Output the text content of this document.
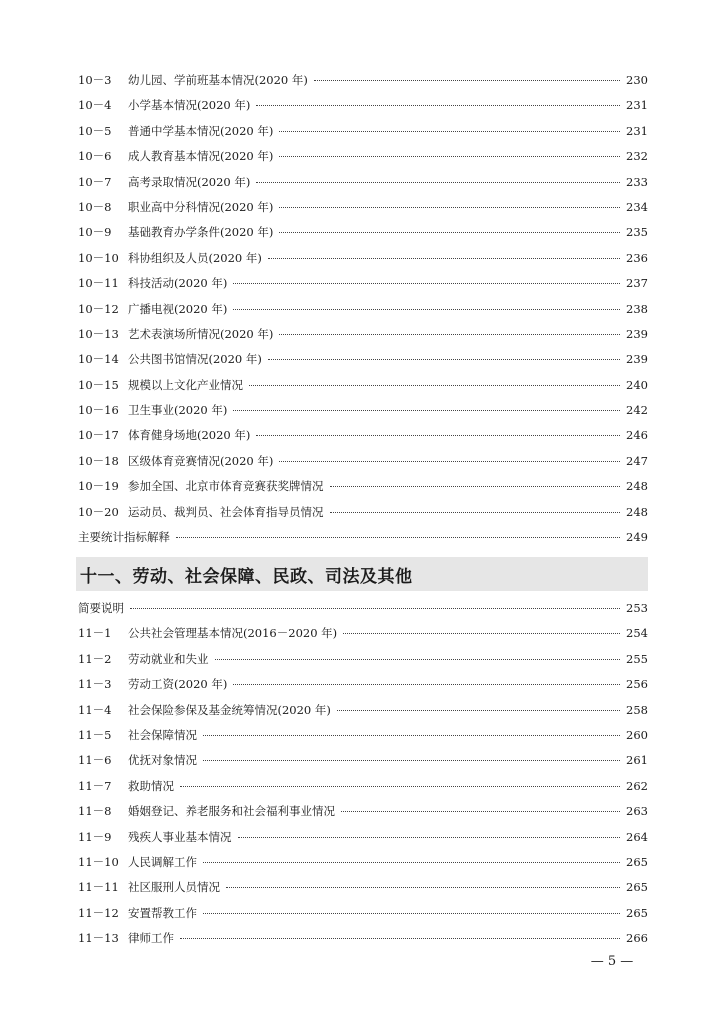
10－3	幼儿园、学前班基本情况(2020 年)	230
10－4	小学基本情况(2020 年)	231
10－5	普通中学基本情况(2020 年)	231
10－6	成人教育基本情况(2020 年)	232
10－7	高考录取情况(2020 年)	233
10－8	职业高中分科情况(2020 年)	234
10－9	基础教育办学条件(2020 年)	235
10－10 科协组织及人员(2020 年)	236
10－11 科技活动(2020 年)	237
10－12 广播电视(2020 年)	238
10－13 艺术表演场所情况(2020 年)	239
10－14 公共图书馆情况(2020 年)	239
10－15 规模以上文化产业情况	240
10－16 卫生事业(2020 年)	242
10－17 体育健身场地(2020 年)	246
10－18 区级体育竞赛情况(2020 年)	247
10－19 参加全国、北京市体育竞赛获奖牌情况	248
10－20 运动员、裁判员、社会体育指导员情况	248
主要统计指标解释	249
十一、劳动、社会保障、民政、司法及其他
简要说明	253
11－1	公共社会管理基本情况(2016－2020 年)	254
11－2	劳动就业和失业	255
11－3	劳动工资(2020 年)	256
11－4	社会保险参保及基金统筹情况(2020 年)	258
11－5	社会保障情况	260
11－6	优抚对象情况	261
11－7	救助情况	262
11－8	婚姻登记、养老服务和社会福利事业情况	263
11－9	残疾人事业基本情况	264
11－10 人民调解工作	265
11－11 社区服刑人员情况	265
11－12 安置帮教工作	265
11－13 律师工作	266
— 5 —
